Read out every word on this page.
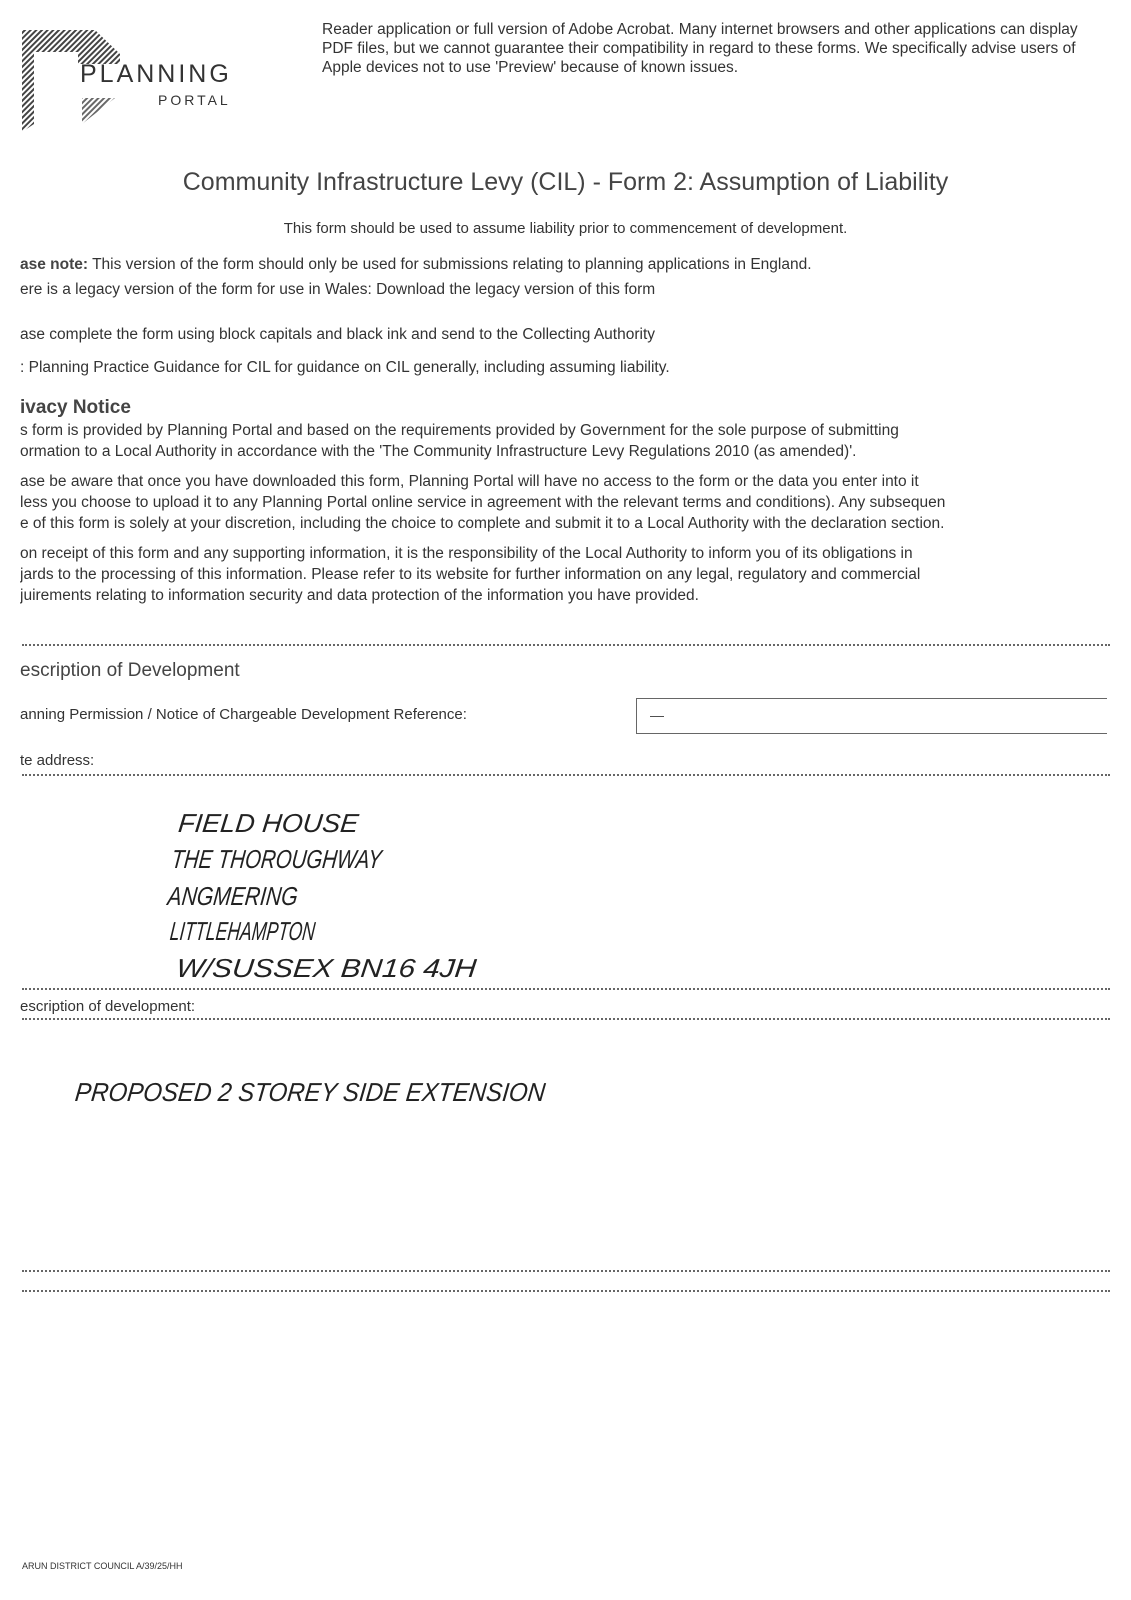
PLANNING
PORTAL
Reader application or full version of Adobe Acrobat. Many internet browsers and other applications can display PDF files, but we cannot guarantee their compatibility in regard to these forms. We specifically advise users of Apple devices not to use 'Preview' because of known issues.
Community Infrastructure Levy (CIL) - Form 2: Assumption of Liability
This form should be used to assume liability prior to commencement of development.
ase note: This version of the form should only be used for submissions relating to planning applications in England.
ere is a legacy version of the form for use in Wales: Download the legacy version of this form
ase complete the form using block capitals and black ink and send to the Collecting Authority
: Planning Practice Guidance for CIL for guidance on CIL generally, including assuming liability.
ivacy Notice
s form is provided by Planning Portal and based on the requirements provided by Government for the sole purpose of submitting
ormation to a Local Authority in accordance with the 'The Community Infrastructure Levy Regulations 2010 (as amended)'.
ase be aware that once you have downloaded this form, Planning Portal will have no access to the form or the data you enter into it
less you choose to upload it to any Planning Portal online service in agreement with the relevant terms and conditions). Any subsequen
e of this form is solely at your discretion, including the choice to complete and submit it to a Local Authority with the declaration section.
on receipt of this form and any supporting information, it is the responsibility of the Local Authority to inform you of its obligations in
jards to the processing of this information. Please refer to its website for further information on any legal, regulatory and commercial
juirements relating to information security and data protection of the information you have provided.
escription of Development
anning Permission / Notice of Chargeable Development Reference:	—
te address:
FIELD HOUSE
THE THOROUGHWAY
ANGMERING
LITTLEHAMPTON
W/SUSSEX BN16 4JH
PROPOSED 2 STOREY SIDE EXTENSION
escription of development:
ARUN DISTRICT COUNCIL A/39/25/HH
